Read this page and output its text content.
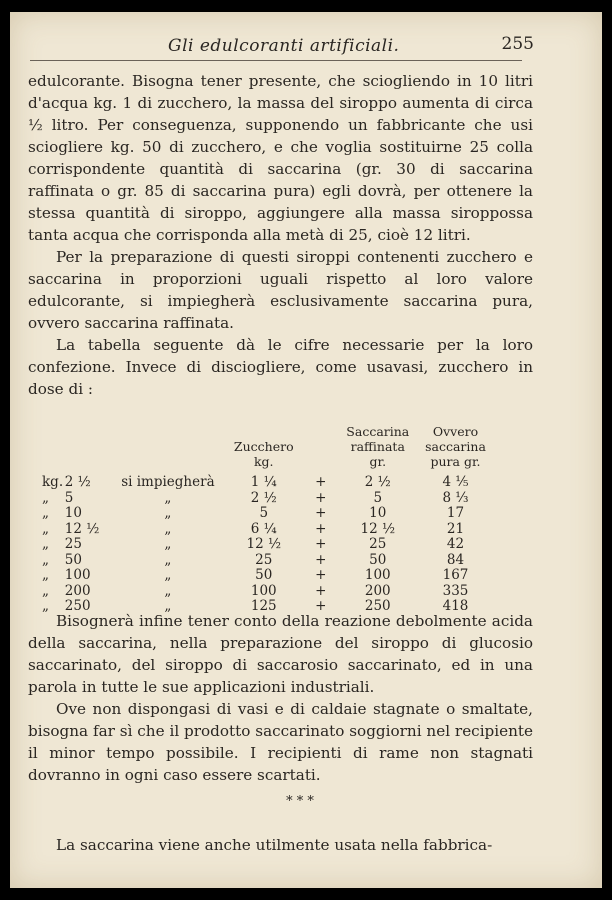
Gli edulcoranti artificiali.	255

edulcorante. Bisogna tener presente, che sciogliendo in 10 litri d'acqua kg. 1 di zucchero, la massa del siroppo aumenta di circa ½ litro. Per conseguenza, supponendo un fabbricante che usi sciogliere kg. 50 di zucchero, e che voglia sostituirne 25 colla corrispondente quantità di saccarina (gr. 30 di saccarina raffinata o gr. 85 di saccarina pura) egli dovrà, per ottenere la stessa quantità di siroppo, aggiungere alla massa siroppossa tanta acqua che corrisponda alla metà di 25, cioè 12 litri.

Per la preparazione di questi siroppi contenenti zucchero e saccarina in proporzioni uguali rispetto al loro valore edulcorante, si impiegherà esclusivamente saccarina pura, ovvero saccarina raffinata.

La tabella seguente dà le cifre necessarie per la loro confezione. Invece di disciogliere, come usavasi, zucchero in dose di :

			Zucchero kg.		Saccarina raffinata gr.	Ovvero saccarina pura gr.
kg.	2 ½	si impiegherà	1 ¼	+	2 ½	4 ⅕
„	5	„	2 ½	+	5	8 ⅓
„	10	„	5	+	10	17
„	12 ½	„	6 ¼	+	12 ½	21
„	25	„	12 ½	+	25	42
„	50	„	25	+	50	84
„	100	„	50	+	100	167
„	200	„	100	+	200	335
„	250	„	125	+	250	418

Bisognerà infine tener conto della reazione debolmente acida della saccarina, nella preparazione del siroppo di glucosio saccarinato, del siroppo di saccarosio saccarinato, ed in una parola in tutte le sue applicazioni industriali.

Ove non dispongasi di vasi e di caldaie stagnate o smaltate, bisogna far sì che il prodotto saccarinato soggiorni nel recipiente il minor tempo possibile. I recipienti di rame non stagnati dovranno in ogni caso essere scartati.

* * *
La saccarina viene anche utilmente usata nella fabbrica-
